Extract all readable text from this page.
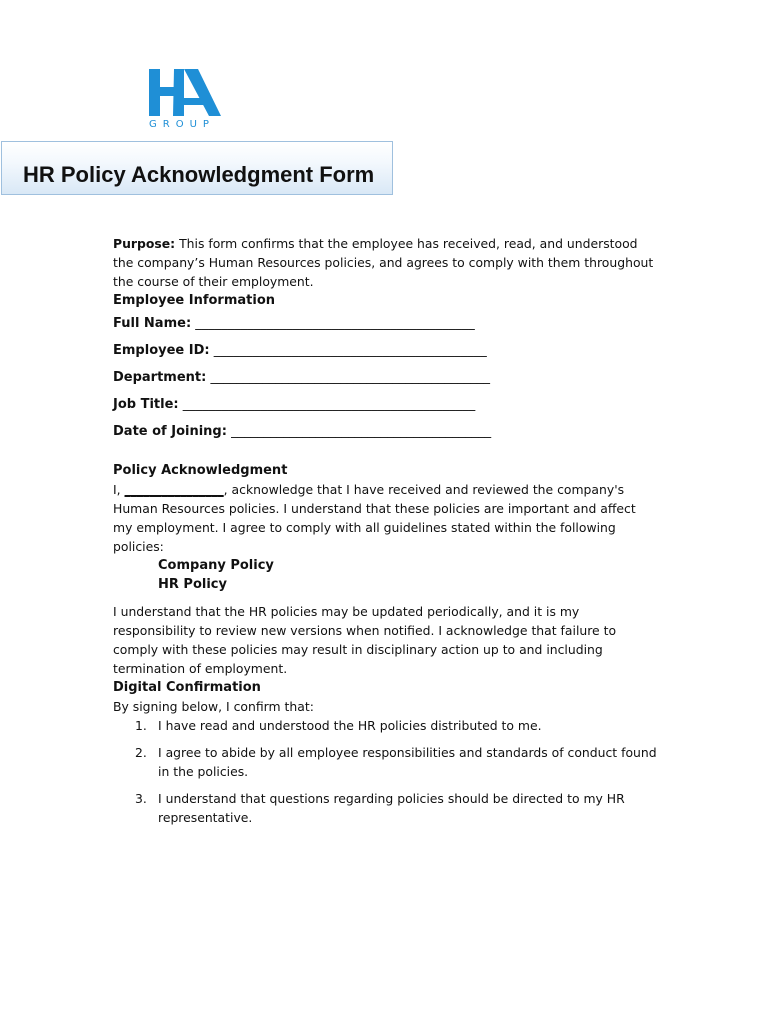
GROUP
HR Policy Acknowledgment Form

Purpose: This form confirms that the employee has received, read, and understood the company’s Human Resources policies, and agrees to comply with them throughout the course of their employment.

Employee Information

Full Name: ___________________________________________
Employee ID: __________________________________________
Department: ___________________________________________
Job Title: _____________________________________________
Date of Joining: ________________________________________

Policy Acknowledgment

I, ________________, acknowledge that I have received and reviewed the company's Human Resources policies. I understand that these policies are important and affect my employment. I agree to comply with all guidelines stated within the following policies:

Company Policy
HR Policy

I understand that the HR policies may be updated periodically, and it is my responsibility to review new versions when notified. I acknowledge that failure to comply with these policies may result in disciplinary action up to and including termination of employment.

Digital Confirmation

By signing below, I confirm that:

1. I have read and understood the HR policies distributed to me.
2. I agree to abide by all employee responsibilities and standards of conduct found in the policies.
3. I understand that questions regarding policies should be directed to my HR representative.
